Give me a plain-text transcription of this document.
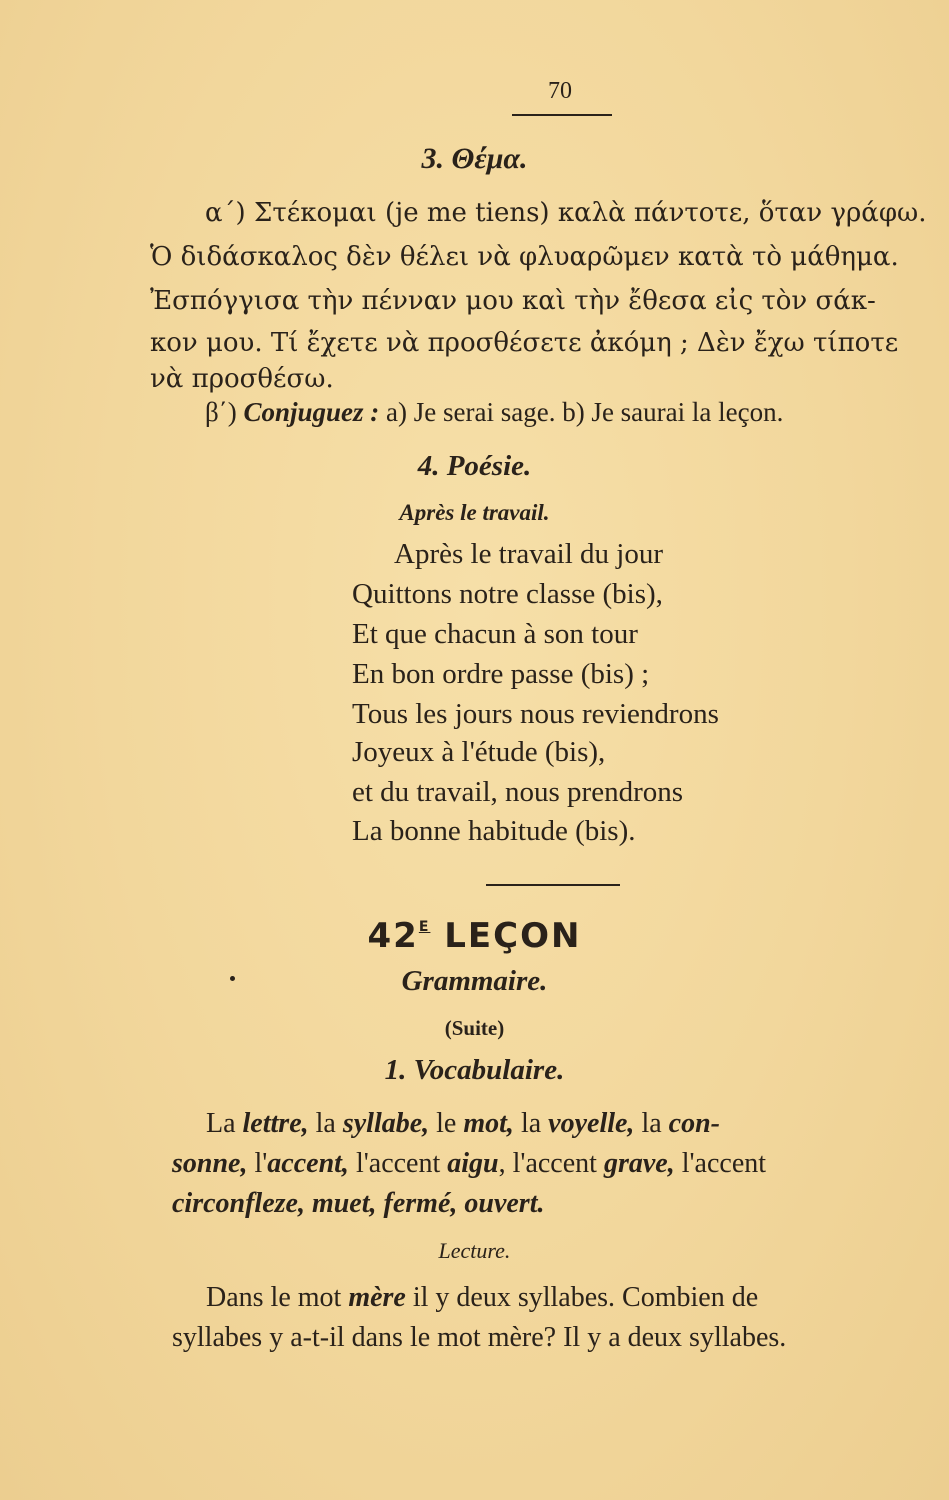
70
3. Θέμα.
α΄) Στέκομαι (je me tiens) καλὰ πάντοτε, ὅταν γράφω.
Ὁ διδάσκαλος δὲν θέλει νὰ φλυαρῶμεν κατὰ τὸ μάθημα.
Ἐσπόγγισα τὴν πένναν μου καὶ τὴν ἔθεσα εἰς τὸν σάκ-
κον μου. Τί ἔχετε νὰ προσθέσετε ἀκόμη ; Δὲν ἔχω τίποτε
νὰ προσθέσω.
β΄) Conjuguez : a) Je serai sage. b) Je saurai la leçon.
4. Poésie.
Après le travail.
Après le travail du jour
Quittons notre classe (bis),
Et que chacun à son tour
En bon ordre passe (bis) ;
Tous les jours nous reviendrons
Joyeux à l'étude (bis),
et du travail, nous prendrons
La bonne habitude (bis).
$42^E$ LEÇON
Grammaire.
(Suite)
1. Vocabulaire.
La lettre, la syllabe, le mot, la voyelle, la con-
sonne, l'accent, l'accent aigu, l'accent grave, l'accent
circonfleze, muet, fermé, ouvert.
Lecture.
Dans le mot mère il y deux syllabes. Combien de
syllabes y a-t-il dans le mot mère? Il y a deux syllabes.
